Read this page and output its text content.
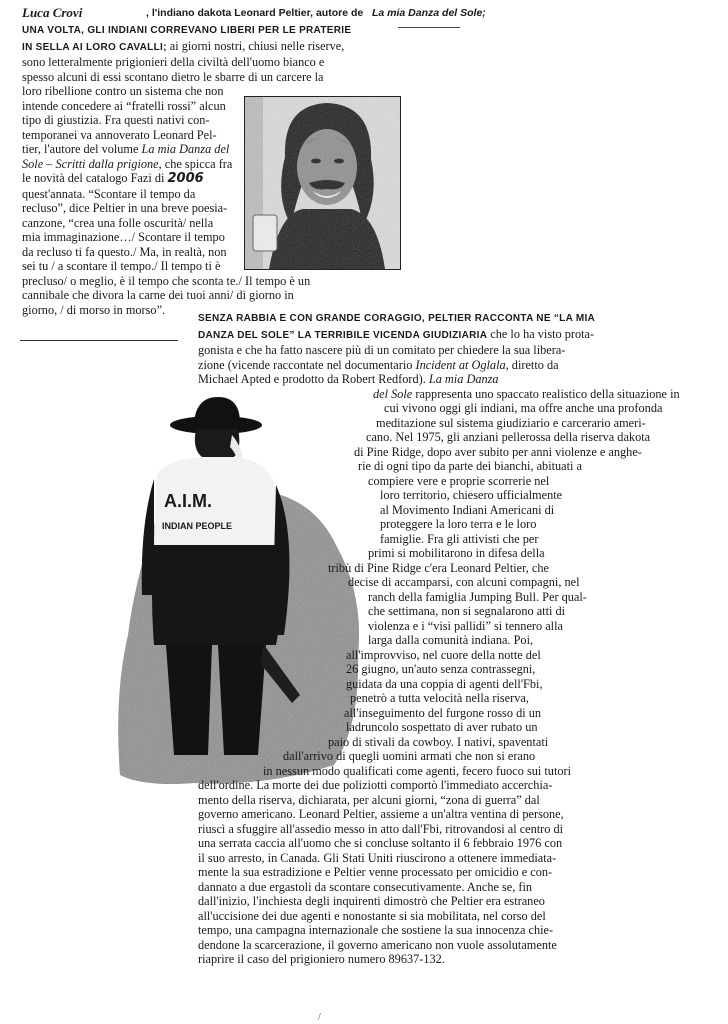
Luca Crovi	, l'indiano dakota Leonard Peltier, autore de La mia Danza del Sole;
UNA VOLTA, GLI INDIANI CORREVANO LIBERI PER LE PRATERIE
IN SELLA AI LORO CAVALLI; ai giorni nostri, chiusi nelle riserve,
sono letteralmente prigionieri della civiltà dell'uomo bianco e
spesso alcuni di essi scontano dietro le sbarre di un carcere la
loro ribellione contro un sistema che non
intende concedere ai “fratelli rossi” alcun
tipo di giustizia. Fra questi nativi con-
temporanei va annoverato Leonard Pel-
tier, l'autore del volume La mia Danza del
Sole – Scritti dalla prigione, che spicca fra
le novità del catalogo Fazi di 2006
quest'annata. “Scontare il tempo da
recluso”, dice Peltier in una breve poesia-
canzone, “crea una folle oscurità/ nella
mia immaginazione…/ Scontare il tempo
da recluso ti fa questo./ Ma, in realtà, non
sei tu / a scontare il tempo./ Il tempo ti è
precluso/ o meglio, è il tempo che sconta te./ Il tempo è un
cannibale che divora la carne dei tuoi anni/ di giorno in
giorno, / di morso in morso”.
A.I.M.
INDIAN PEOPLE
SENZA RABBIA E CON GRANDE CORAGGIO, PELTIER RACCONTA NE “LA MIA
DANZA DEL SOLE” LA TERRIBILE VICENDA GIUDIZIARIA che lo ha visto prota-
gonista e che ha fatto nascere più di un comitato per chiedere la sua libera-
zione (vicende raccontate nel documentario Incident at Oglala, diretto da
Michael Apted e prodotto da Robert Redford). La mia Danza
del Sole rappresenta uno spaccato realistico della situazione in
cui vivono oggi gli indiani, ma offre anche una profonda
meditazione sul sistema giudiziario e carcerario ameri-
cano. Nel 1975, gli anziani pellerossa della riserva dakota
di Pine Ridge, dopo aver subito per anni violenze e anghe-
rie di ogni tipo da parte dei bianchi, abituati a
compiere vere e proprie scorrerie nel
loro territorio, chiesero ufficialmente
al Movimento Indiani Americani di
proteggere la loro terra e le loro
famiglie. Fra gli attivisti che per
primi si mobilitarono in difesa della
tribù di Pine Ridge c'era Leonard Peltier, che
decise di accamparsi, con alcuni compagni, nel
ranch della famiglia Jumping Bull. Per qual-
che settimana, non si segnalarono atti di
violenza e i “visi pallidi” si tennero alla
larga dalla comunità indiana. Poi,
all'improvviso, nel cuore della notte del
26 giugno, un'auto senza contrassegni,
guidata da una coppia di agenti dell'Fbi,
penetrò a tutta velocità nella riserva,
all'inseguimento del furgone rosso di un
ladruncolo sospettato di aver rubato un
paio di stivali da cowboy. I nativi, spaventati
dall'arrivo di quegli uomini armati che non si erano
in nessun modo qualificati come agenti, fecero fuoco sui tutori
dell'ordine. La morte dei due poliziotti comportò l'immediato accerchia-
mento della riserva, dichiarata, per alcuni giorni, “zona di guerra” dal
governo americano. Leonard Peltier, assieme a un'altra ventina di persone,
riuscì a sfuggire all'assedio messo in atto dall'Fbi, ritrovandosi al centro di
una serrata caccia all'uomo che si concluse soltanto il 6 febbraio 1976 con
il suo arresto, in Canada. Gli Stati Uniti riuscirono a ottenere immediata-
mente la sua estradizione e Peltier venne processato per omicidio e con-
dannato a due ergastoli da scontare consecutivamente. Anche se, fin
dall'inizio, l'inchiesta degli inquirenti dimostrò che Peltier era estraneo
all'uccisione dei due agenti e nonostante si sia mobilitata, nel corso del
tempo, una campagna internazionale che sostiene la sua innocenza chie-
dendone la scarcerazione, il governo americano non vuole assolutamente
riaprire il caso del prigioniero numero 89637-132.
/
